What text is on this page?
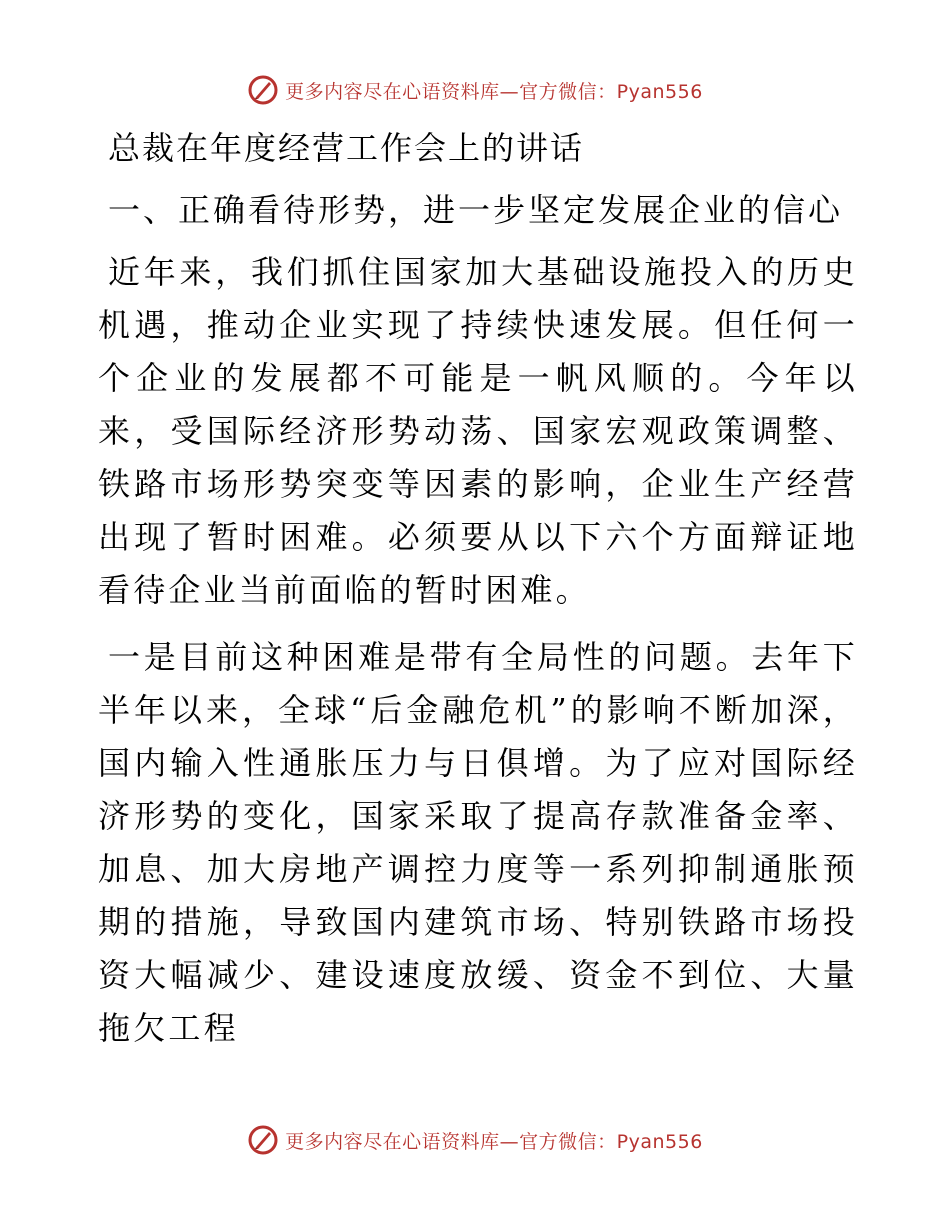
更多内容尽在心语资料库—官方微信：Pyan556
总裁在年度经营工作会上的讲话
一、正确看待形势，进一步坚定发展企业的信心

近年来，我们抓住国家加大基础设施投入的历史机遇，推动企业实现了持续快速发展。但任何一个企业的发展都不可能是一帆风顺的。今年以来，受国际经济形势动荡、国家宏观政策调整、铁路市场形势突变等因素的影响，企业生产经营出现了暂时困难。必须要从以下六个方面辩证地看待企业当前面临的暂时困难。

一是目前这种困难是带有全局性的问题。去年下半年以来，全球“后金融危机”的影响不断加深，国内输入性通胀压力与日俱增。为了应对国际经济形势的变化，国家采取了提高存款准备金率、加息、加大房地产调控力度等一系列抑制通胀预期的措施，导致国内建筑市场、特别铁路市场投资大幅减少、建设速度放缓、资金不到位、大量拖欠工程

更多内容尽在心语资料库—官方微信：Pyan556
